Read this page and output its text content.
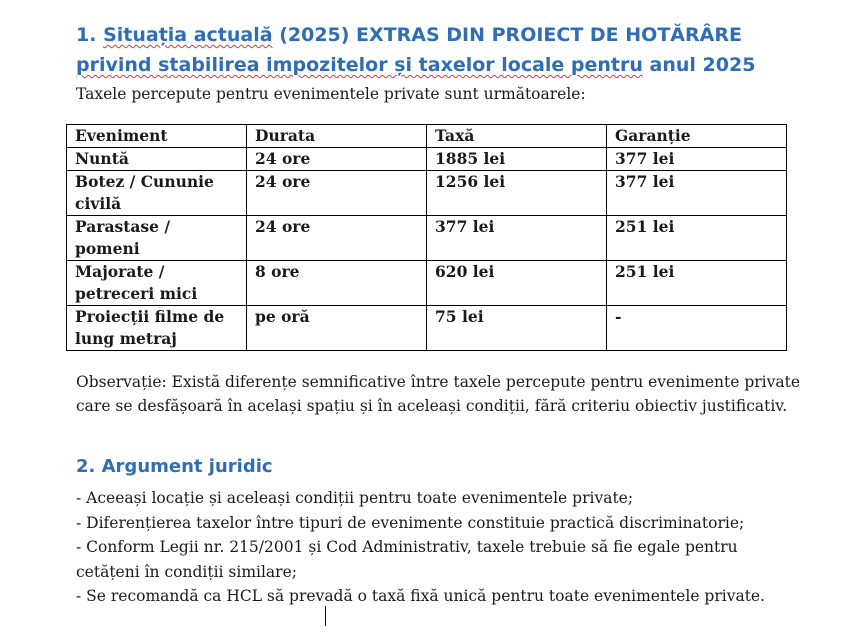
1. Situația actuală (2025) EXTRAS DIN PROIECT DE HOTĂRÂRE privind stabilirea impozitelor și taxelor locale pentru anul 2025

Taxele percepute pentru evenimentele private sunt următoarele:

Eveniment	Durata	Taxă	Garanție
Nuntă	24 ore	1885 lei	377 lei
Botez / Cununie civilă	24 ore	1256 lei	377 lei
Parastase / pomeni	24 ore	377 lei	251 lei
Majorate / petreceri mici	8 ore	620 lei	251 lei
Proiecții filme de lung metraj	pe oră	75 lei	-

Observație: Există diferențe semnificative între taxele percepute pentru evenimente private care se desfășoară în același spațiu și în aceleași condiții, fără criteriu obiectiv justificativ.

2. Argument juridic
- Aceeași locație și aceleași condiții pentru toate evenimentele private;
- Diferențierea taxelor între tipuri de evenimente constituie practică discriminatorie;
- Conform Legii nr. 215/2001 și Cod Administrativ, taxele trebuie să fie egale pentru cetățeni în condiții similare;
- Se recomandă ca HCL să prevadă o taxă fixă unică pentru toate evenimentele private.
